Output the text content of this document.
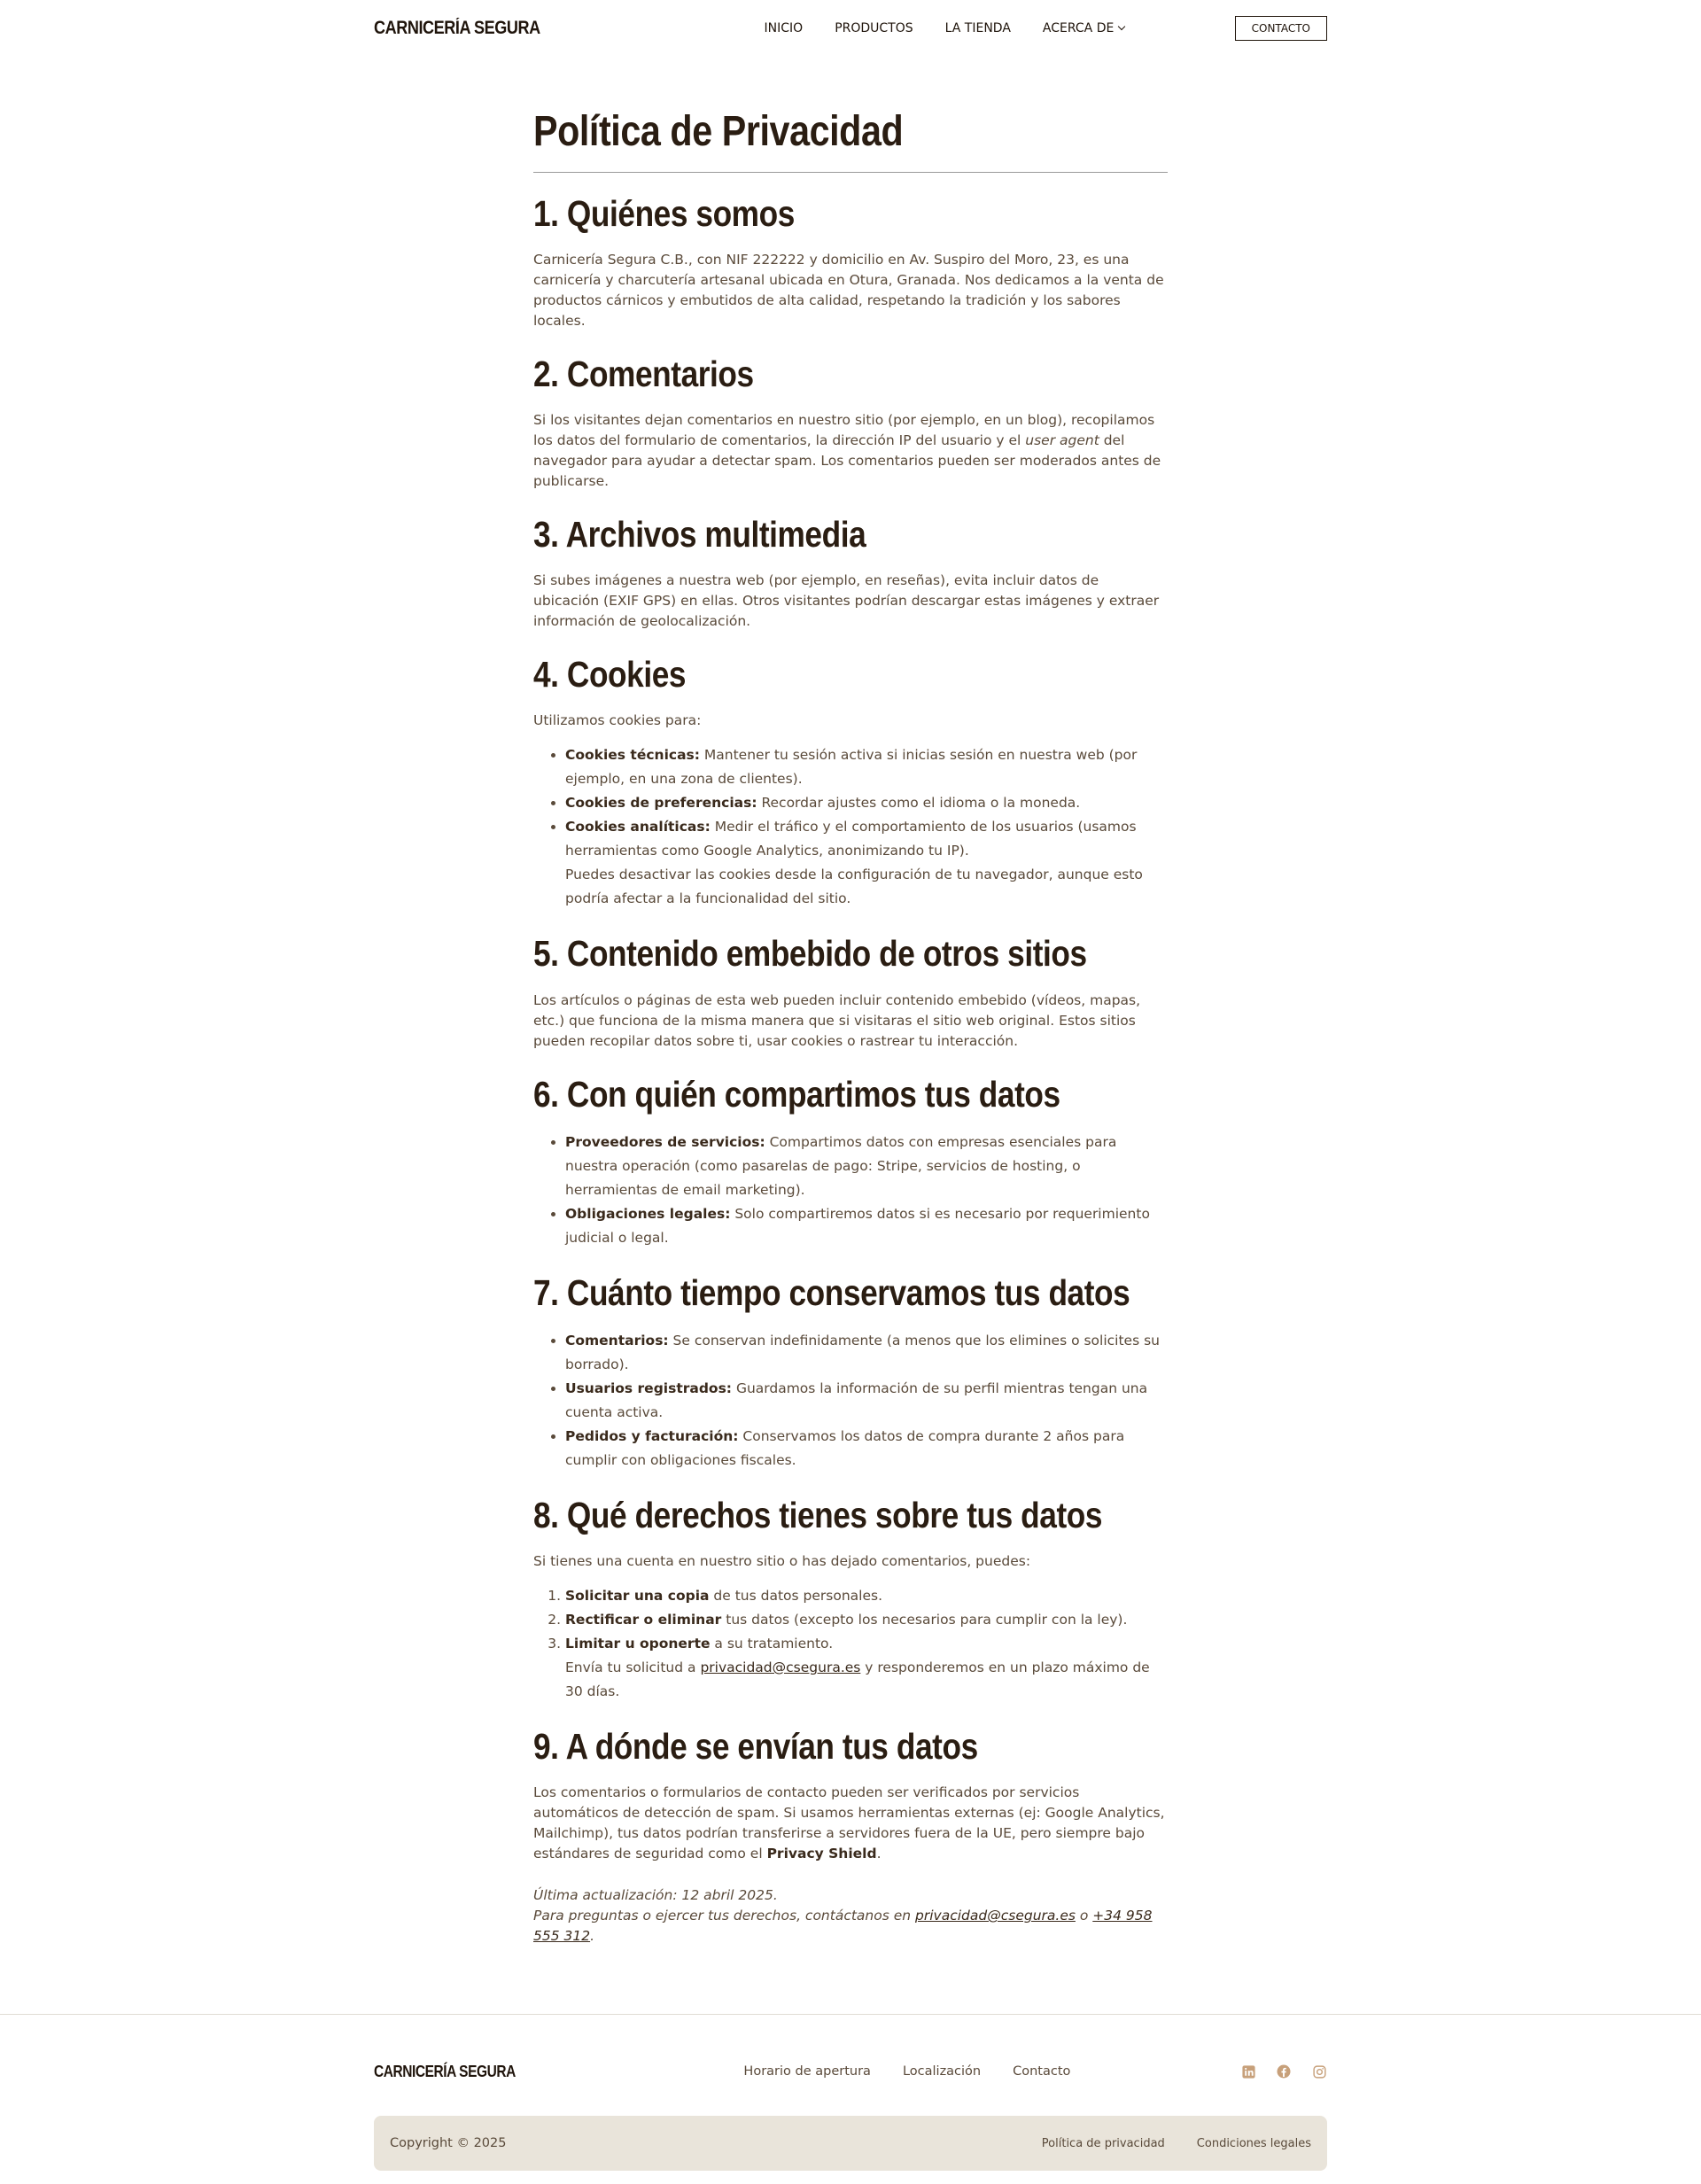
CARNICERÍA SEGURA	INICIO	PRODUCTOS	LA TIENDA	ACERCA DE	CONTACTO
Política de Privacidad
1. Quiénes somos

Carnicería Segura C.B., con NIF 222222 y domicilio en Av. Suspiro del Moro, 23, es una carnicería y charcutería artesanal ubicada en Otura, Granada. Nos dedicamos a la venta de productos cárnicos y embutidos de alta calidad, respetando la tradición y los sabores locales.

2. Comentarios

Si los visitantes dejan comentarios en nuestro sitio (por ejemplo, en un blog), recopilamos los datos del formulario de comentarios, la dirección IP del usuario y el user agent del navegador para ayudar a detectar spam. Los comentarios pueden ser moderados antes de publicarse.

3. Archivos multimedia

Si subes imágenes a nuestra web (por ejemplo, en reseñas), evita incluir datos de ubicación (EXIF GPS) en ellas. Otros visitantes podrían descargar estas imágenes y extraer información de geolocalización.

4. Cookies

Utilizamos cookies para:

• Cookies técnicas: Mantener tu sesión activa si inicias sesión en nuestra web (por ejemplo, en una zona de clientes).
• Cookies de preferencias: Recordar ajustes como el idioma o la moneda.
• Cookies analíticas: Medir el tráfico y el comportamiento de los usuarios (usamos herramientas como Google Analytics, anonimizando tu IP).
Puedes desactivar las cookies desde la configuración de tu navegador, aunque esto podría afectar a la funcionalidad del sitio.
5. Contenido embebido de otros sitios

Los artículos o páginas de esta web pueden incluir contenido embebido (vídeos, mapas, etc.) que funciona de la misma manera que si visitaras el sitio web original. Estos sitios pueden recopilar datos sobre ti, usar cookies o rastrear tu interacción.

6. Con quién compartimos tus datos
• Proveedores de servicios: Compartimos datos con empresas esenciales para nuestra operación (como pasarelas de pago: Stripe, servicios de hosting, o herramientas de email marketing).
• Obligaciones legales: Solo compartiremos datos si es necesario por requerimiento judicial o legal.
7. Cuánto tiempo conservamos tus datos
• Comentarios: Se conservan indefinidamente (a menos que los elimines o solicites su borrado).
• Usuarios registrados: Guardamos la información de su perfil mientras tengan una cuenta activa.
• Pedidos y facturación: Conservamos los datos de compra durante 2 años para cumplir con obligaciones fiscales.
8. Qué derechos tienes sobre tus datos

Si tienes una cuenta en nuestro sitio o has dejado comentarios, puedes:

1. Solicitar una copia de tus datos personales.
2. Rectificar o eliminar tus datos (excepto los necesarios para cumplir con la ley).
3. Limitar u oponerte a su tratamiento.
Envía tu solicitud a privacidad@csegura.es y responderemos en un plazo máximo de 30 días.
9. A dónde se envían tus datos

Los comentarios o formularios de contacto pueden ser verificados por servicios automáticos de detección de spam. Si usamos herramientas externas (ej: Google Analytics, Mailchimp), tus datos podrían transferirse a servidores fuera de la UE, pero siempre bajo estándares de seguridad como el Privacy Shield.

Última actualización: 12 abril 2025.
Para preguntas o ejercer tus derechos, contáctanos en privacidad@csegura.es o +34 958 555 312.

CARNICERÍA SEGURA	Horario de apertura Localización Contacto
Copyright © 2025	Política de privacidad	Condiciones legales
